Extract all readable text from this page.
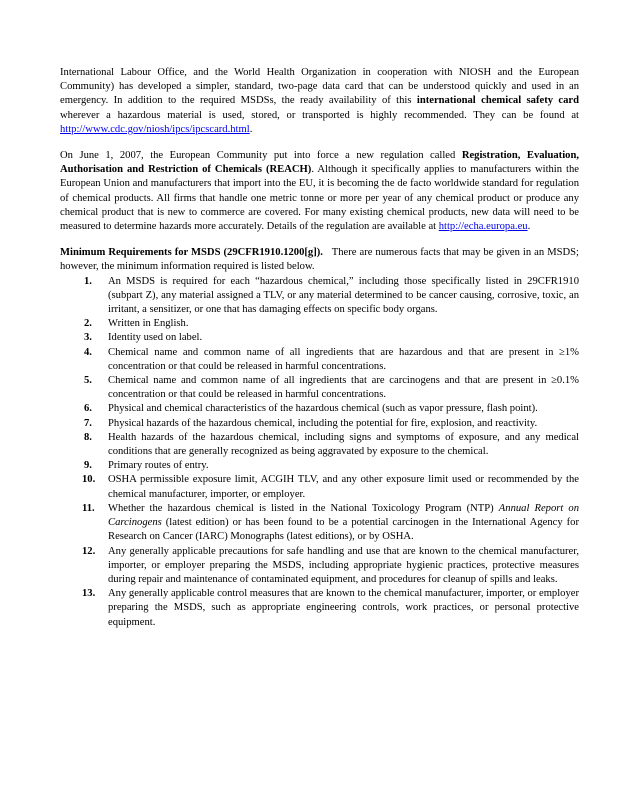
International Labour Office, and the World Health Organization in cooperation with NIOSH and the European Community) has developed a simpler, standard, two-page data card that can be understood quickly and used in an emergency. In addition to the required MSDSs, the ready availability of this international chemical safety card wherever a hazardous material is used, stored, or transported is highly recommended. They can be found at http://www.cdc.gov/niosh/ipcs/ipcscard.html.

On June 1, 2007, the European Community put into force a new regulation called Registration, Evaluation, Authorisation and Restriction of Chemicals (REACH). Although it specifically applies to manufacturers within the European Union and manufacturers that import into the EU, it is becoming the de facto worldwide standard for regulation of chemical products. All firms that handle one metric tonne or more per year of any chemical product or produce any chemical product that is new to commerce are covered. For many existing chemical products, new data will need to be measured to determine hazards more accurately. Details of the regulation are available at http://echa.europa.eu.

Minimum Requirements for MSDS (29CFR1910.1200[g]).   There are numerous facts that may be given in an MSDS; however, the minimum information required is listed below.

1. An MSDS is required for each “hazardous chemical,” including those specifically listed in 29CFR1910 (subpart Z), any material assigned a TLV, or any material determined to be cancer causing, corrosive, toxic, an irritant, a sensitizer, or one that has damaging effects on specific body organs.
2. Written in English.
3. Identity used on label.
4. Chemical name and common name of all ingredients that are hazardous and that are present in ≥1% concentration or that could be released in harmful concentrations.
5. Chemical name and common name of all ingredients that are carcinogens and that are present in ≥0.1% concentration or that could be released in harmful concentrations.
6. Physical and chemical characteristics of the hazardous chemical (such as vapor pressure, flash point).
7. Physical hazards of the hazardous chemical, including the potential for fire, explosion, and reactivity.
8. Health hazards of the hazardous chemical, including signs and symptoms of exposure, and any medical conditions that are generally recognized as being aggravated by exposure to the chemical.
9. Primary routes of entry.
10. OSHA permissible exposure limit, ACGIH TLV, and any other exposure limit used or recommended by the chemical manufacturer, importer, or employer.
11. Whether the hazardous chemical is listed in the National Toxicology Program (NTP) Annual Report on Carcinogens (latest edition) or has been found to be a potential carcinogen in the International Agency for Research on Cancer (IARC) Monographs (latest editions), or by OSHA.
12. Any generally applicable precautions for safe handling and use that are known to the chemical manufacturer, importer, or employer preparing the MSDS, including appropriate hygienic practices, protective measures during repair and maintenance of contaminated equipment, and procedures for cleanup of spills and leaks.
13. Any generally applicable control measures that are known to the chemical manufacturer, importer, or employer preparing the MSDS, such as appropriate engineering controls, work practices, or personal protective equipment.
